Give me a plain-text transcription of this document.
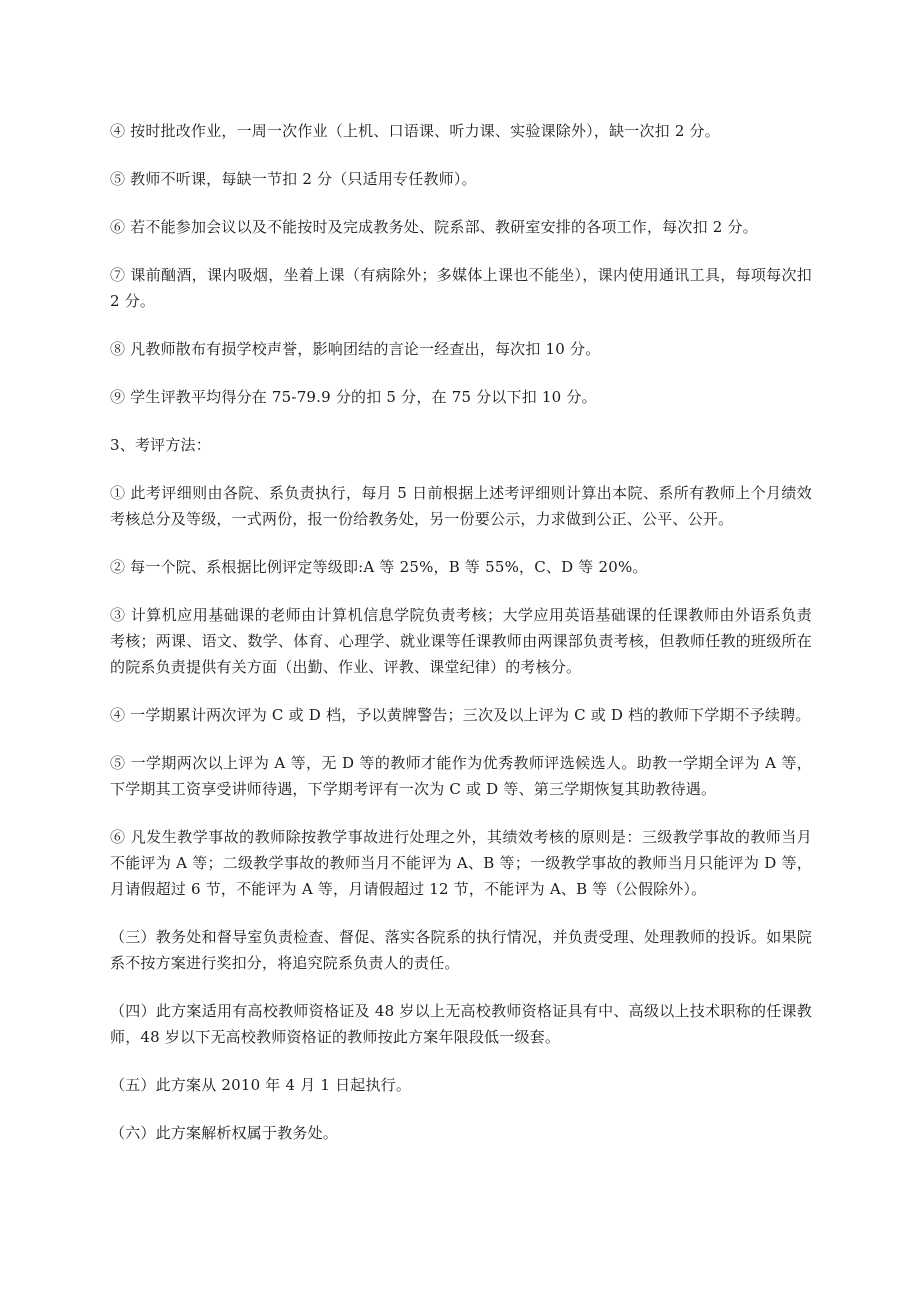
④ 按时批改作业，一周一次作业（上机、口语课、听力课、实验课除外），缺一次扣 2 分。

⑤ 教师不听课，每缺一节扣 2 分（只适用专任教师）。

⑥ 若不能参加会议以及不能按时及完成教务处、院系部、教研室安排的各项工作，每次扣 2 分。

⑦ 课前酗酒，课内吸烟，坐着上课（有病除外；多媒体上课也不能坐），课内使用通讯工具，每项每次扣 2 分。

⑧ 凡教师散布有损学校声誉，影响团结的言论一经查出，每次扣 10 分。

⑨ 学生评教平均得分在 75-79.9 分的扣 5 分，在 75 分以下扣 10 分。

3、考评方法：

① 此考评细则由各院、系负责执行，每月 5 日前根据上述考评细则计算出本院、系所有教师上个月绩效考核总分及等级，一式两份，报一份给教务处，另一份要公示，力求做到公正、公平、公开。

② 每一个院、系根据比例评定等级即:A 等 25%，B 等 55%，C、D 等 20%。

③ 计算机应用基础课的老师由计算机信息学院负责考核；大学应用英语基础课的任课教师由外语系负责考核；两课、语文、数学、体育、心理学、就业课等任课教师由两课部负责考核，但教师任教的班级所在的院系负责提供有关方面（出勤、作业、评教、课堂纪律）的考核分。

④ 一学期累计两次评为 C 或 D 档，予以黄牌警告；三次及以上评为 C 或 D 档的教师下学期不予续聘。

⑤ 一学期两次以上评为 A 等，无 D 等的教师才能作为优秀教师评选候选人。助教一学期全评为 A 等，下学期其工资享受讲师待遇，下学期考评有一次为 C 或 D 等、第三学期恢复其助教待遇。

⑥ 凡发生教学事故的教师除按教学事故进行处理之外，其绩效考核的原则是：三级教学事故的教师当月不能评为 A 等；二级教学事故的教师当月不能评为 A、B 等；一级教学事故的教师当月只能评为 D 等，月请假超过 6 节，不能评为 A 等，月请假超过 12 节，不能评为 A、B 等（公假除外）。

（三）教务处和督导室负责检查、督促、落实各院系的执行情况，并负责受理、处理教师的投诉。如果院系不按方案进行奖扣分，将追究院系负责人的责任。

（四）此方案适用有高校教师资格证及 48 岁以上无高校教师资格证具有中、高级以上技术职称的任课教师，48 岁以下无高校教师资格证的教师按此方案年限段低一级套。

（五）此方案从 2010 年 4 月 1 日起执行。

（六）此方案解析权属于教务处。
